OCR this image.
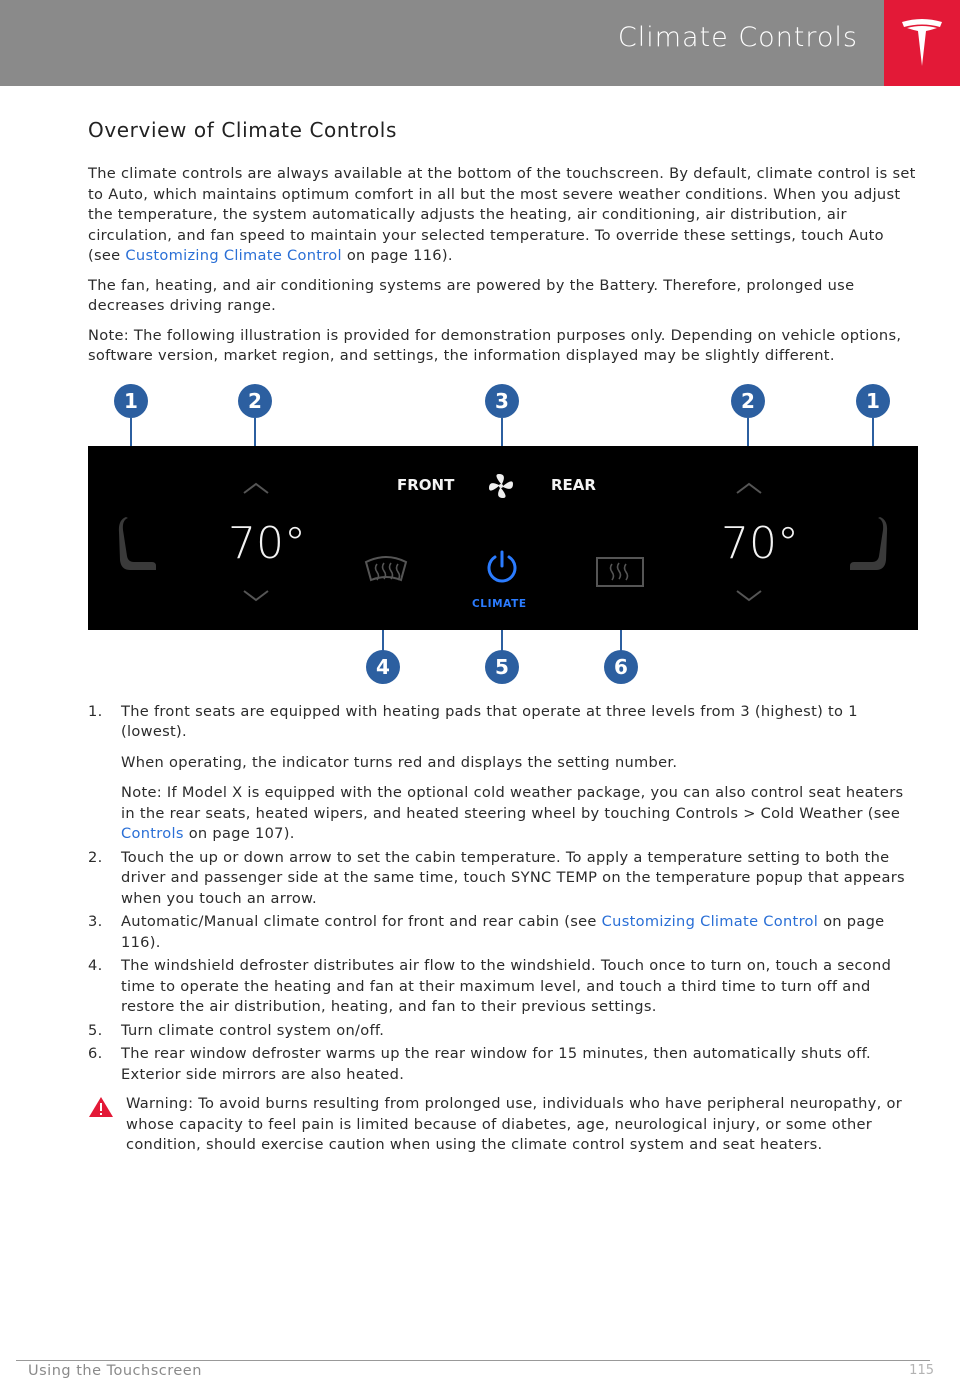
Climate Controls
Overview of Climate Controls

The climate controls are always available at the bottom of the touchscreen. By default, climate control is set to Auto, which maintains optimum comfort in all but the most severe weather conditions. When you adjust the temperature, the system automatically adjusts the heating, air conditioning, air distribution, air circulation, and fan speed to maintain your selected temperature. To override these settings, touch Auto (see Customizing Climate Control on page 116).

The fan, heating, and air conditioning systems are powered by the Battery. Therefore, prolonged use decreases driving range.

Note: The following illustration is provided for demonstration purposes only. Depending on vehicle options, software version, market region, and settings, the information displayed may be slightly different.

1	2	3	2	1
70°
FRONT	REAR
CLIMATE
70°
4	5	6
1. The front seats are equipped with heating pads that operate at three levels from 3 (highest) to 1 (lowest).

When operating, the indicator turns red and displays the setting number.

Note: If Model X is equipped with the optional cold weather package, you can also control seat heaters in the rear seats, heated wipers, and heated steering wheel by touching Controls > Cold Weather (see Controls on page 107).

2. Touch the up or down arrow to set the cabin temperature. To apply a temperature setting to both the driver and passenger side at the same time, touch SYNC TEMP on the temperature popup that appears when you touch an arrow.
3. Automatic/Manual climate control for front and rear cabin (see Customizing Climate Control on page 116).
4. The windshield defroster distributes air flow to the windshield. Touch once to turn on, touch a second time to operate the heating and fan at their maximum level, and touch a third time to turn off and restore the air distribution, heating, and fan to their previous settings.
5. Turn climate control system on/off.
6. The rear window defroster warms up the rear window for 15 minutes, then automatically shuts off. Exterior side mirrors are also heated.
Warning: To avoid burns resulting from prolonged use, individuals who have peripheral neuropathy, or whose capacity to feel pain is limited because of diabetes, age, neurological injury, or some other condition, should exercise caution when using the climate control system and seat heaters.
Using the Touchscreen	115
